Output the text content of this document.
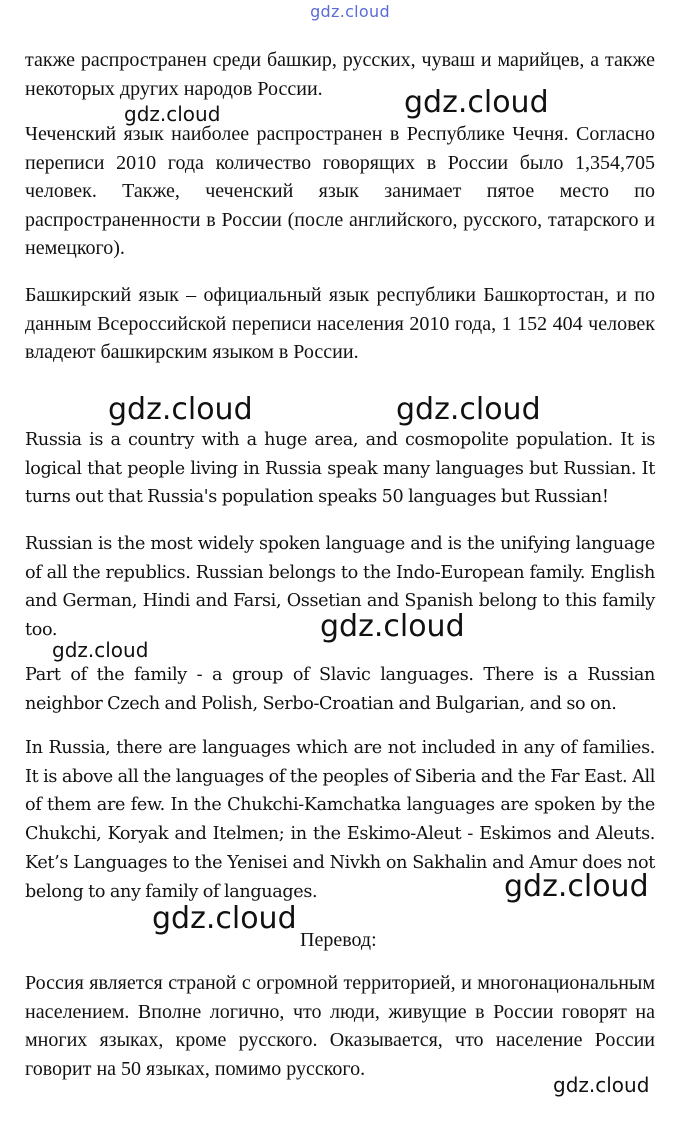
gdz.cloud

также распространен среди башкир, русских, чуваш и марийцев, а также некоторых других народов России.

Чеченский язык наиболее распространен в Республике Чечня. Согласно переписи 2010 года количество говорящих в России было 1,354,705 человек. Также, чеченский язык занимает пятое место по распространенности в России (после английского, русского, татарского и немецкого).

Башкирский язык – официальный язык республики Башкортостан, и по данным Всероссийской переписи населения 2010 года, 1 152 404 человек владеют башкирским языком в России.

Russia is a country with a huge area, and cosmopolite population. It is logical that people living in Russia speak many languages but Russian. It turns out that Russia's population speaks 50 languages but Russian!

Russian is the most widely spoken language and is the unifying language of all the republics. Russian belongs to the Indo-European family. English and German, Hindi and Farsi, Ossetian and Spanish belong to this family too.

Part of the family - a group of Slavic languages. There is a Russian neighbor Czech and Polish, Serbo-Croatian and Bulgarian, and so on.

In Russia, there are languages which are not included in any of families. It is above all the languages of the peoples of Siberia and the Far East. All of them are few. In the Chukchi-Kamchatka languages are spoken by the Chukchi, Koryak and Itelmen; in the Eskimo-Aleut - Eskimos and Aleuts. Ket’s Languages to the Yenisei and Nivkh on Sakhalin and Amur does not belong to any family of languages.

Перевод:

Россия является страной с огромной территорией, и многонациональным населением. Вполне логично, что люди, живущие в России говорят на многих языках, кроме русского. Оказывается, что население России говорит на 50 языках, помимо русского.

gdz.cloud
gdz.cloud
gdz.cloud	gdz.cloud
gdz.cloud
gdz.cloud
gdz.cloud
gdz.cloud
gdz.cloud
